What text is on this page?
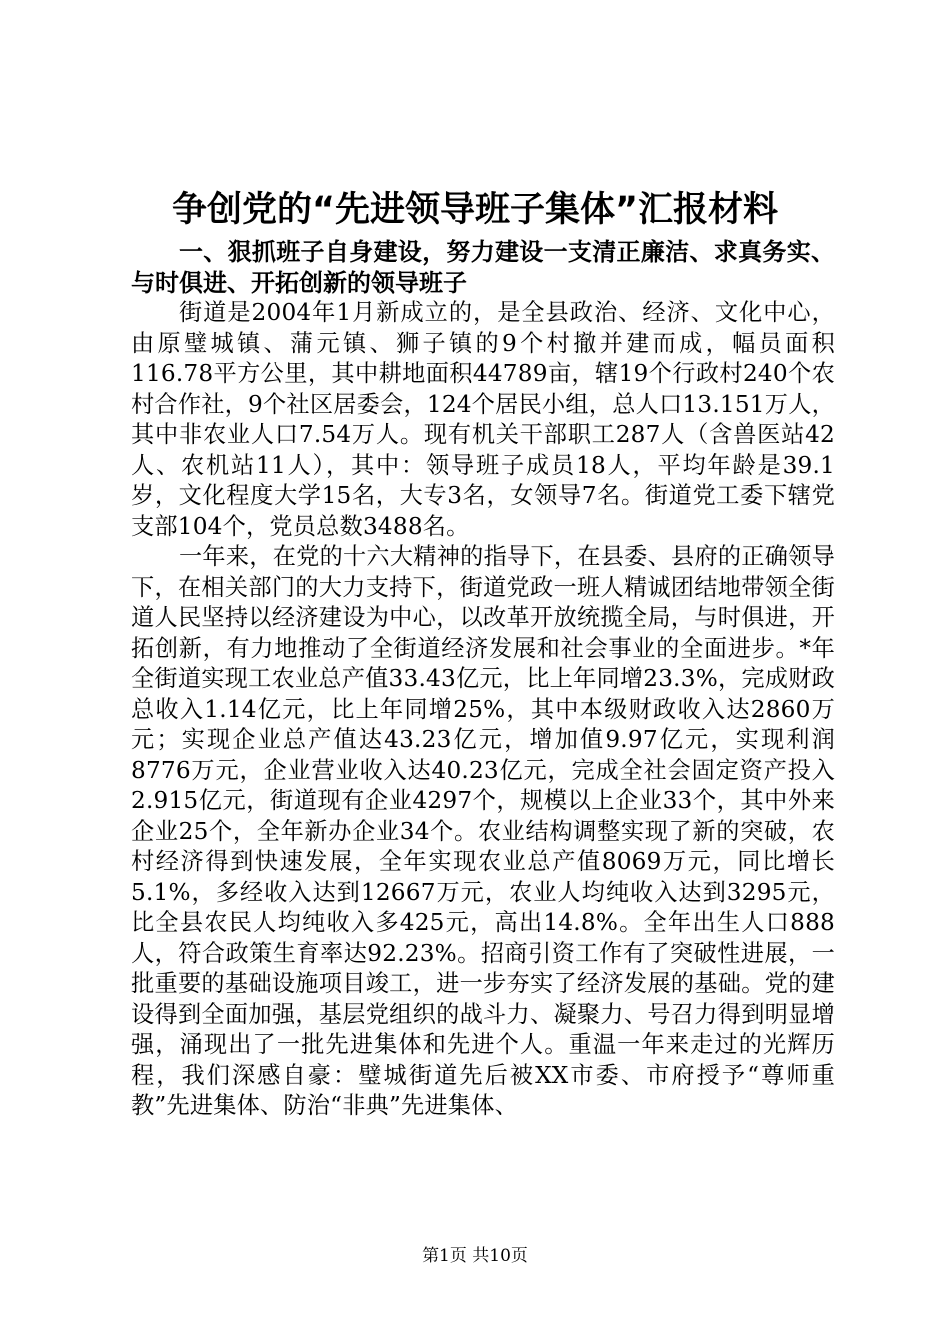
争创党的“先进领导班子集体”汇报材料

一、狠抓班子自身建设，努力建设一支清正廉洁、求真务实、与时俱进、开拓创新的领导班子

街道是2004年1月新成立的，是全县政治、经济、文化中心，由原璧城镇、蒲元镇、狮子镇的9个村撤并建而成，幅员面积116.78平方公里，其中耕地面积44789亩，辖19个行政村240个农村合作社，9个社区居委会，124个居民小组，总人口13.151万人，其中非农业人口7.54万人。现有机关干部职工287人（含兽医站42人、农机站11人），其中：领导班子成员18人，平均年龄是39.1岁，文化程度大学15名，大专3名，女领导7名。街道党工委下辖党支部104个，党员总数3488名。

一年来，在党的十六大精神的指导下，在县委、县府的正确领导下，在相关部门的大力支持下，街道党政一班人精诚团结地带领全街道人民坚持以经济建设为中心，以改革开放统揽全局，与时俱进，开拓创新，有力地推动了全街道经济发展和社会事业的全面进步。*年全街道实现工农业总产值33.43亿元，比上年同增23.3%，完成财政总收入1.14亿元，比上年同增25%，其中本级财政收入达2860万元；实现企业总产值达43.23亿元，增加值9.97亿元，实现利润8776万元，企业营业收入达40.23亿元，完成全社会固定资产投入2.915亿元，街道现有企业4297个，规模以上企业33个，其中外来企业25个，全年新办企业34个。农业结构调整实现了新的突破，农村经济得到快速发展，全年实现农业总产值8069万元，同比增长5.1%，多经收入达到12667万元，农业人均纯收入达到3295元，比全县农民人均纯收入多425元，高出14.8%。全年出生人口888人，符合政策生育率达92.23%。招商引资工作有了突破性进展，一批重要的基础设施项目竣工，进一步夯实了经济发展的基础。党的建设得到全面加强，基层党组织的战斗力、凝聚力、号召力得到明显增强，涌现出了一批先进集体和先进个人。重温一年来走过的光辉历程，我们深感自豪：璧城街道先后被XX市委、市府授予“尊师重教”先进集体、防治“非典”先进集体、

第1页 共10页
